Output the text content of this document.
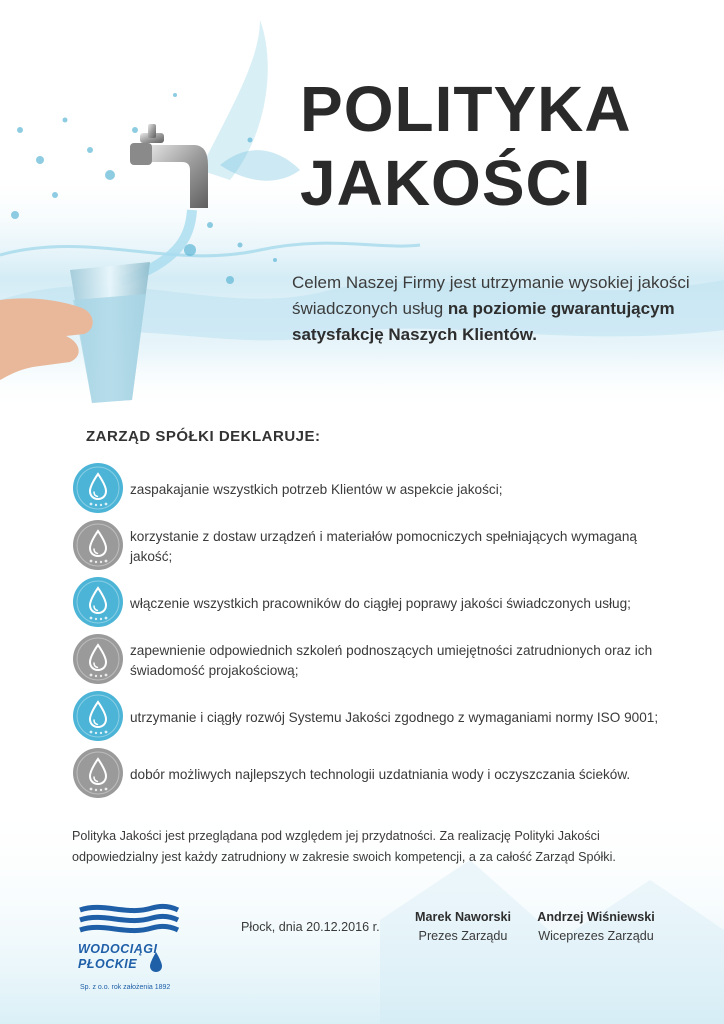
POLITYKA
JAKOŚCI
Celem Naszej Firmy jest utrzymanie wysokiej jakości świadczonych usług na poziomie gwarantującym satysfakcję Naszych Klientów.
ZARZĄD SPÓŁKI DEKLARUJE:
zaspakajanie wszystkich potrzeb Klientów w aspekcie jakości;
korzystanie z dostaw urządzeń i materiałów pomocniczych spełniających wymaganą jakość;
włączenie wszystkich pracowników do ciągłej poprawy jakości świadczonych usług;
zapewnienie odpowiednich szkoleń podnoszących umiejętności zatrudnionych oraz ich świadomość projakościową;
utrzymanie i ciągły rozwój Systemu Jakości zgodnego z wymaganiami normy ISO 9001;
dobór możliwych najlepszych technologii uzdatniania wody i oczyszczania ścieków.
Polityka Jakości jest przeglądana pod względem jej przydatności. Za realizację Polityki Jakości odpowiedzialny jest każdy zatrudniony w zakresie swoich kompetencji, a za całość Zarząd Spółki.
WODOCIĄGI
PŁOCKIE
Sp. z o.o. rok założenia 1892
Płock, dnia 20.12.2016 r.
Marek Naworski
Prezes Zarządu
Andrzej Wiśniewski
Wiceprezes Zarządu
